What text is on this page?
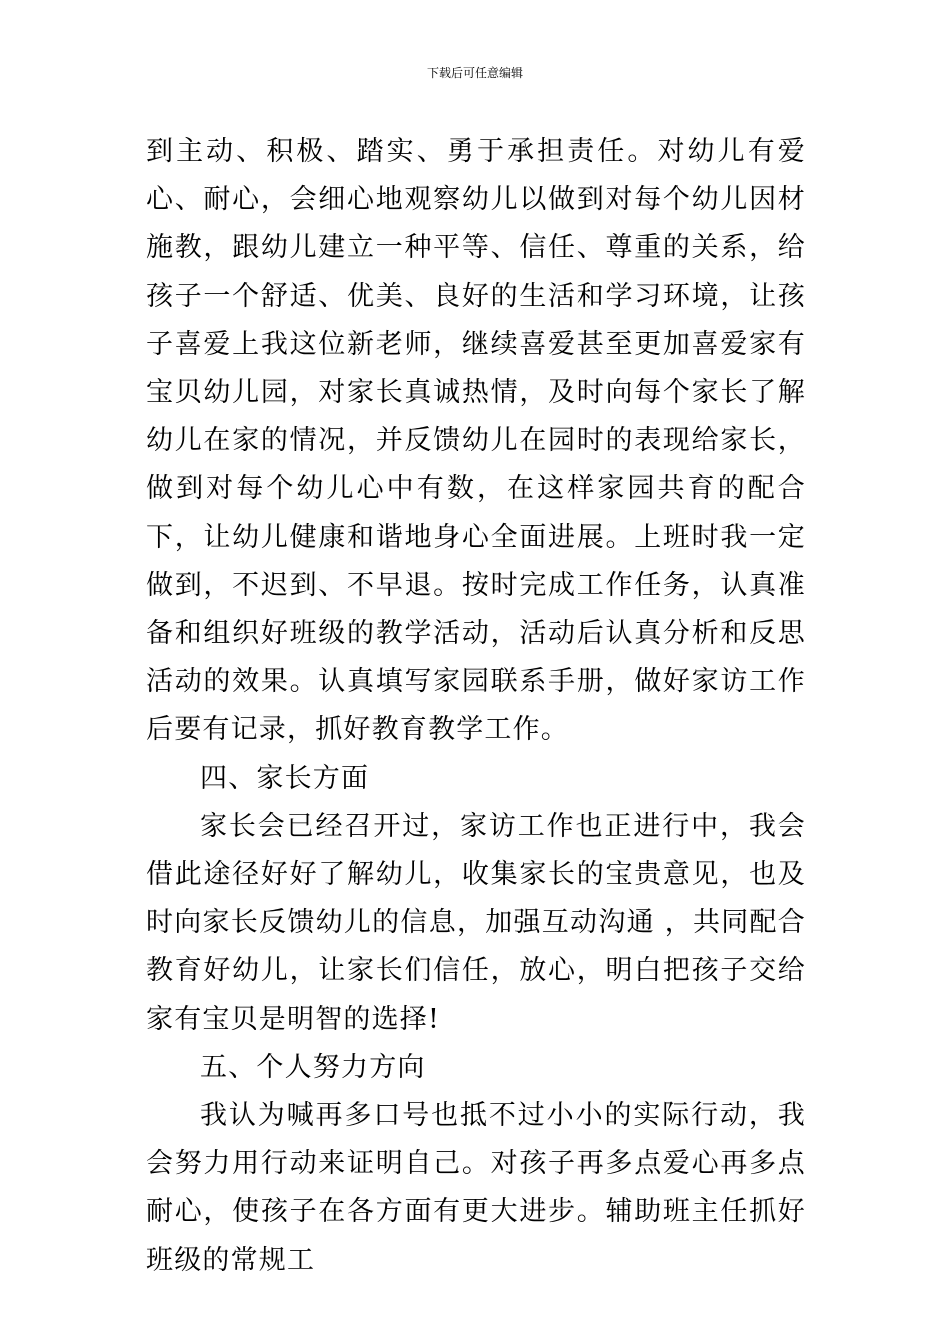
下载后可任意编辑

到主动、积极、踏实、勇于承担责任。对幼儿有爱心、耐心，会细心地观察幼儿以做到对每个幼儿因材施教，跟幼儿建立一种平等、信任、尊重的关系，给孩子一个舒适、优美、良好的生活和学习环境，让孩子喜爱上我这位新老师，继续喜爱甚至更加喜爱家有宝贝幼儿园，对家长真诚热情，及时向每个家长了解幼儿在家的情况，并反馈幼儿在园时的表现给家长，做到对每个幼儿心中有数，在这样家园共育的配合下，让幼儿健康和谐地身心全面进展。上班时我一定做到，不迟到、不早退。按时完成工作任务，认真准备和组织好班级的教学活动，活动后认真分析和反思活动的效果。认真填写家园联系手册，做好家访工作后要有记录，抓好教育教学工作。

四、家长方面

家长会已经召开过，家访工作也正进行中，我会借此途径好好了解幼儿，收集家长的宝贵意见，也及时向家长反馈幼儿的信息，加强互动沟通 ，共同配合教育好幼儿，让家长们信任，放心，明白把孩子交给家有宝贝是明智的选择!

五、个人努力方向

我认为喊再多口号也抵不过小小的实际行动，我会努力用行动来证明自己。对孩子再多点爱心再多点耐心，使孩子在各方面有更大进步。辅助班主任抓好班级的常规工
